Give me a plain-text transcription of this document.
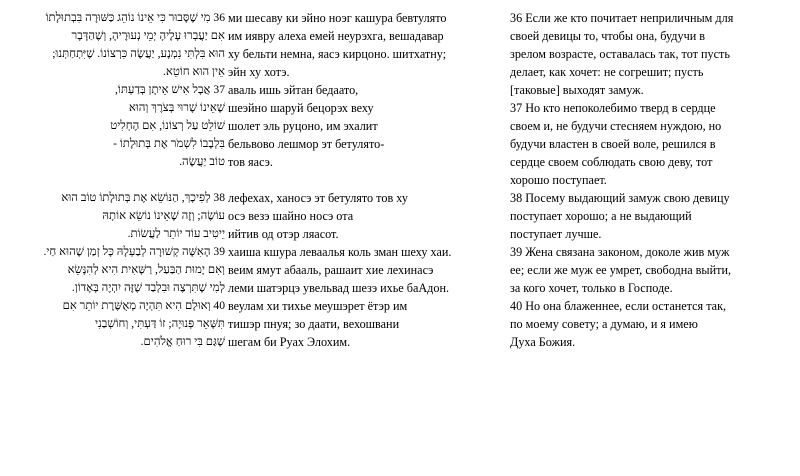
36 מִי שֶׁסָּבוּר כִּי אֵינוֹ נוֹהֵג כַּשּׁוּרָה בִּבְתוּלָתוֹ
אִם יַעֲבְרוּ עָלֶיהָ יְמֵי נְעוּרֶיהָ, וְשֶׁהַדָּבָר
הוּא בִּלְתִּי נִמְנָע, יַעֲשֶׂה כִּרְצוֹנוֹ. שֶׁיִּתְחַתְּנוּ;
אֵין הוּא חוֹטֵא.
37 אֲבָל אִישׁ אֵיתָן בְּדַעְתּוֹ,
שֶׁאֵינוֹ שָׁרוּי בְּצֹרֶךְ וְהוּא
שׁוֹלֵט עַל רְצוֹנוֹ, אִם הֶחְלִיט
בִּלְבָבוֹ לִשְׁמֹר אֶת בְּתוּלָתוֹ -
טוֹב יַעֲשֶׂה.
38 לְפִיכָךְ, הַנּוֹשֵׂא אֶת בְּתוּלָתוֹ טוֹב הוּא
עוֹשֶׂה; וְזֶה שֶׁאֵינוֹ נוֹשֵׂא אוֹתָהּ
יֵיטִיב עוֹד יוֹתֵר לַעֲשׂוֹת.
39 הָאִשָּׁה קְשׁוּרָה לְבַעְלָהּ כָּל זְמַן שֶׁהוּא חַי.
וְאִם יָמוּת הַבַּעַל, רַשָּׁאִית הִיא לְהִנָּשֵׂא
לְמִי שֶׁתִּרְצֶה וּבִלְבַד שֶׁזֶּה יִהְיֶה בָּאָדוֹן.
40 וְאוּלָם הִיא תִּהְיֶה מְאֻשֶּׁרֶת יוֹתֵר אִם
תִּשָּׁאֵר פְּנוּיָה; זוֹ דַּעְתִּי, וְחוֹשְׁבַנִי
שֶׁגַּם בִּי רוּחַ אֱלֹהִים.
ми шесаву ки эйно ноэг кашура бевтулято
им иявру алеха емей неурэхга, вешадавар
ху бельти немна, яасэ кирцоно. шитхатну;
эйн ху хотэ.
аваль ишь эйтан бедаато,
шеэйно шаруй бецорэх веху
шолет эль руцоно, им эхалит
бельвово лешмор эт бетулято-
тов яасэ.
лефехах, ханосэ эт бетулято тов ху
осэ везэ шайно носэ ота
ийтив од отэр ляасот.
хаиша кшура леваалья коль зман шеху хаи.
веим ямут абааль, рашаит хие лехинасэ
леми шатэрцэ увельвад шезэ ихье баАдон.
веулам хи тихье меушэрет ётэр им
тишэр пнуя; зо даати, вехошвани
шегам би Руах Элохим.
36 Если же кто почитает неприличным для
своей девицы то, чтобы она, будучи в
зрелом возрасте, оставалась так, тот пусть
делает, как хочет: не согрешит; пусть
[таковые] выходят замуж.
37 Но кто непоколебимо тверд в сердце
своем и, не будучи стесняем нуждою, но
будучи властен в своей воле, решился в
сердце своем соблюдать свою деву, тот
хорошо поступает.
38 Посему выдающий замуж свою девицу
поступает хорошо; а не выдающий
поступает лучше.
39 Жена связана законом, доколе жив муж
ее; если же муж ее умрет, свободна выйти,
за кого хочет, только в Господе.
40 Но она блаженнее, если останется так,
по моему совету; а думаю, и я имею
Духа Божия.
